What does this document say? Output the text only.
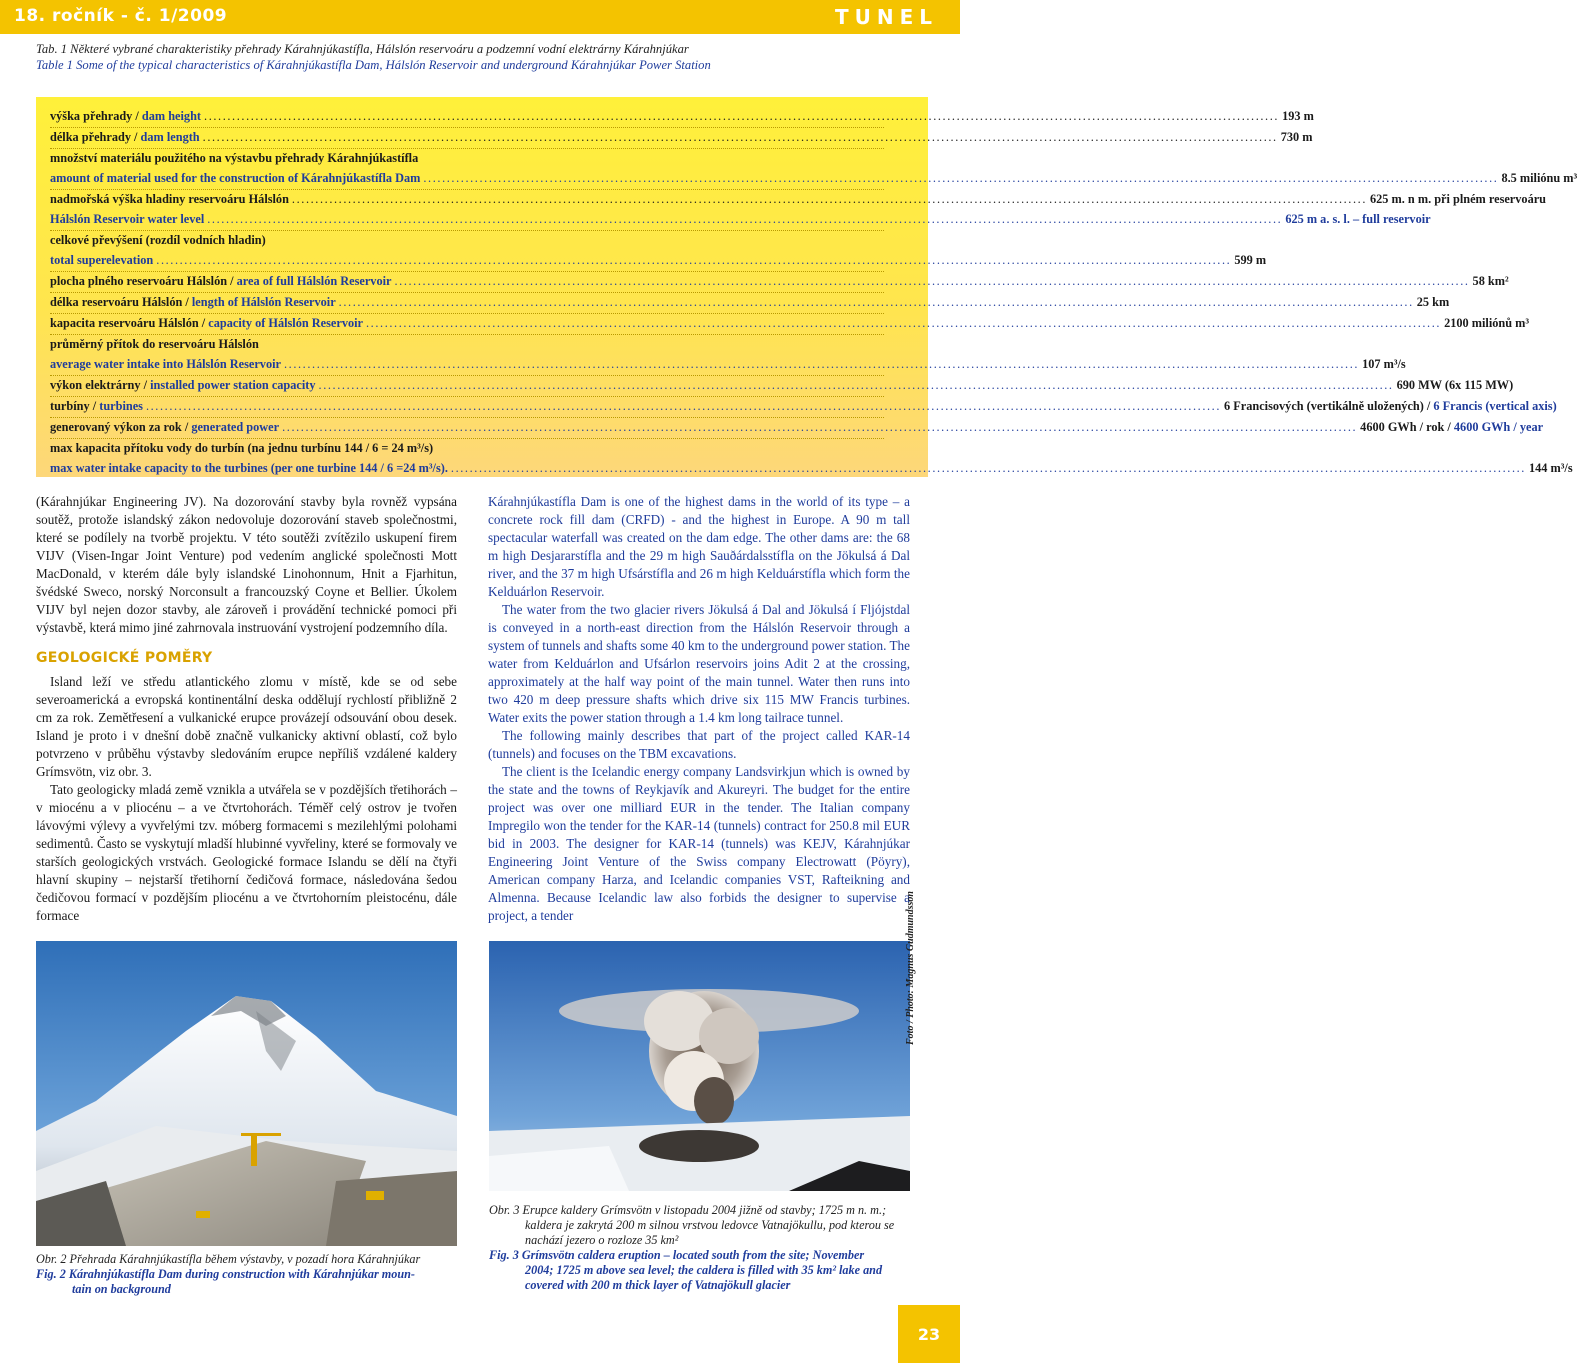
18. ročník - č. 1/2009	TUNEL
Tab. 1 Některé vybrané charakteristiky přehrady Kárahnjúkastífla, Hálslón reservoáru a podzemní vodní elektrárny Kárahnjúkar
Table 1 Some of the typical characteristics of Kárahnjúkastífla Dam, Hálslón Reservoir and underground Kárahnjúkar Power Station
výška přehrady / dam height ...................................................................................................................................................................................................................................... 193 m
délka přehrady / dam length ...................................................................................................................................................................................................................................... 730 m
množství materiálu použitého na výstavbu přehrady Kárahnjúkastífla
amount of material used for the construction of Kárahnjúkastífla Dam ...................................................................................................................................................................................................................................... 8.5 miliónu m³
nadmořská výška hladiny reservoáru Hálslón ...................................................................................................................................................................................................................................... 625 m. n m. při plném reservoáru
Hálslón Reservoir water level ...................................................................................................................................................................................................................................... 625 m a. s. l. – full reservoir
celkové převýšení (rozdíl vodních hladin)
total superelevation ...................................................................................................................................................................................................................................... 599 m
plocha plného reservoáru Hálslón / area of full Hálslón Reservoir ...................................................................................................................................................................................................................................... 58 km²
délka reservoáru Hálslón / length of Hálslón Reservoir ...................................................................................................................................................................................................................................... 25 km
kapacita reservoáru Hálslón / capacity of Hálslón Reservoir ...................................................................................................................................................................................................................................... 2100 miliónů m³
průměrný přítok do reservoáru Hálslón
average water intake into Hálslón Reservoir ...................................................................................................................................................................................................................................... 107 m³/s
výkon elektrárny / installed power station capacity ...................................................................................................................................................................................................................................... 690 MW (6x 115 MW)
turbíny / turbines ...................................................................................................................................................................................................................................... 6 Francisových (vertikálně uložených) / 6 Francis (vertical axis)
generovaný výkon za rok / generated power ...................................................................................................................................................................................................................................... 4600 GWh / rok / 4600 GWh / year
max kapacita přítoku vody do turbín (na jednu turbínu 144 / 6 = 24 m³/s)
max water intake capacity to the turbines (per one turbine 144 / 6 =24 m³/s). ...................................................................................................................................................................................................................................... 144 m³/s

(Kárahnjúkar Engineering JV). Na dozorování stavby byla rovněž vypsána soutěž, protože islandský zákon nedovoluje dozorování staveb společnostmi, které se podílely na tvorbě projektu. V této soutěži zvítězilo uskupení firem VIJV (Visen-Ingar Joint Venture) pod vedením anglické společnosti Mott MacDonald, v kterém dále byly islandské Linohonnum, Hnit a Fjarhitun, švédské Sweco, norský Norconsult a francouzský Coyne et Bellier. Úkolem VIJV byl nejen dozor stavby, ale zároveň i provádění technické pomoci při výstavbě, která mimo jiné zahrnovala instruování vystrojení podzemního díla.

GEOLOGICKÉ POMĚRY

Island leží ve středu atlantického zlomu v místě, kde se od sebe severoamerická a evropská kontinentální deska oddělují rychlostí přibližně 2 cm za rok. Zemětřesení a vulkanické erupce provázejí odsouvání obou desek. Island je proto i v dnešní době značně vulkanicky aktivní oblastí, což bylo potvrzeno v průběhu výstavby sledováním erupce nepříliš vzdálené kaldery Grímsvötn, viz obr. 3.

Tato geologicky mladá země vznikla a utvářela se v pozdějších třetihorách – v miocénu a v pliocénu – a ve čtvrtohorách. Téměř celý ostrov je tvořen lávovými výlevy a vyvřelými tzv. móberg formacemi s mezilehlými polohami sedimentů. Často se vyskytují mladší hlubinné vyvřeliny, které se formovaly ve starších geologických vrstvách. Geologické formace Islandu se dělí na čtyři hlavní skupiny – nejstarší třetihorní čedičová formace, následována šedou čedičovou formací v pozdějším pliocénu a ve čtvrtohorním pleistocénu, dále formace

Kárahnjúkastífla Dam is one of the highest dams in the world of its type – a concrete rock fill dam (CRFD) - and the highest in Europe. A 90 m tall spectacular waterfall was created on the dam edge. The other dams are: the 68 m high Desjararstífla and the 29 m high Sauðárdalsstífla on the Jökulsá á Dal river, and the 37 m high Ufsárstífla and 26 m high Kelduárstífla which form the Kelduárlon Reservoir.

The water from the two glacier rivers Jökulsá á Dal and Jökulsá í Fljójstdal is conveyed in a north-east direction from the Hálslón Reservoir through a system of tunnels and shafts some 40 km to the underground power station. The water from Kelduárlon and Ufsárlon reservoirs joins Adit 2 at the crossing, approximately at the half way point of the main tunnel. Water then runs into two 420 m deep pressure shafts which drive six 115 MW Francis turbines. Water exits the power station through a 1.4 km long tailrace tunnel.

The following mainly describes that part of the project called KAR-14 (tunnels) and focuses on the TBM excavations.

The client is the Icelandic energy company Landsvirkjun which is owned by the state and the towns of Reykjavík and Akureyri. The budget for the entire project was over one milliard EUR in the tender. The Italian company Impregilo won the tender for the KAR-14 (tunnels) contract for 250.8 mil EUR bid in 2003. The designer for KAR-14 (tunnels) was KEJV, Kárahnjúkar Engineering Joint Venture of the Swiss company Electrowatt (Pöyry), American company Harza, and Icelandic companies VST, Rafteikning and Almenna. Because Icelandic law also forbids the designer to supervise a project, a tender	Foto / Photo: Magnus Gudmundsson
Obr. 2 Přehrada Kárahnjúkastífla během výstavby, v pozadí hora Kárahnjúkar
Fig. 2 Kárahnjúkastífla Dam during construction with Kárahnjúkar moun-
tain on background
Obr. 3 Erupce kaldery Grímsvötn v listopadu 2004 jižně od stavby; 1725 m n. m.;
kaldera je zakrytá 200 m silnou vrstvou ledovce Vatnajökullu, pod kterou se
nachází jezero o rozloze 35 km²
Fig. 3 Grímsvötn caldera eruption – located south from the site; November
2004; 1725 m above sea level; the caldera is filled with 35 km² lake and
covered with 200 m thick layer of Vatnajökull glacier
23
